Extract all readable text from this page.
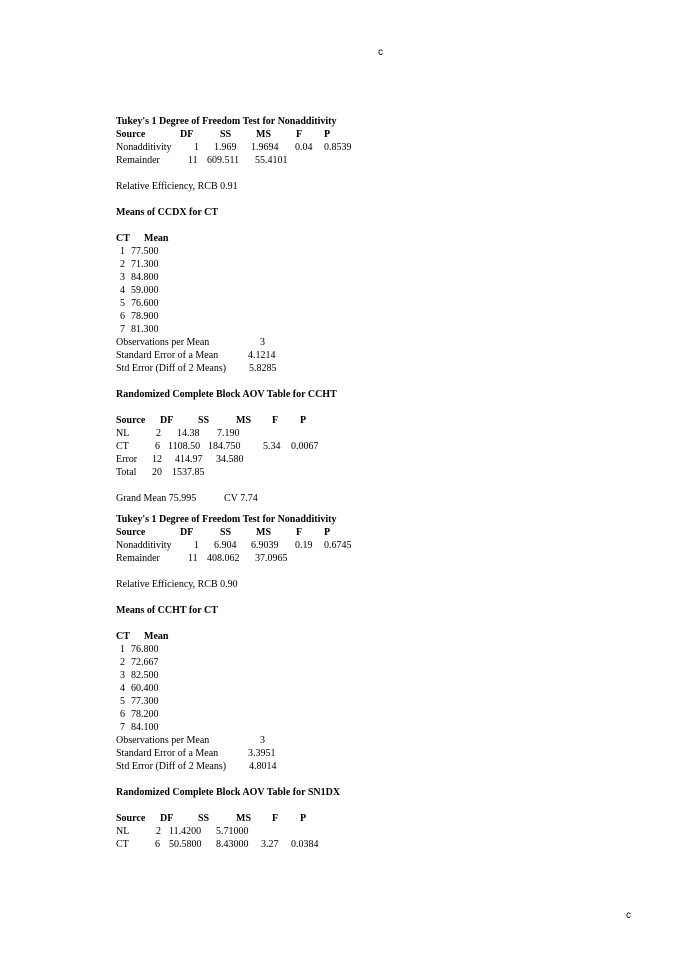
c
Tukey's 1 Degree of Freedom Test for Nonadditivity
Source	DF	SS MS	F P
Nonadditivity 1 1.969 1.9694 0.04 0.8539
Remainder	11 609.511 55.4101
Relative Efficiency, RCB 0.91
Means of CCDX for CT
CT Mean
1 77.500
2 71.300
3 84.800
4 59.000
5 76.600
6 78.900
7 81.300
Observations per Mean	3
Standard Error of a Mean	4.1214
Std Error (Diff of 2 Means) 5.8285
Randomized Complete Block AOV Table for CCHT
Source DF SS	MS F P
NL	2 14.38 7.190
CT	6 1108.50 184.750 5.34 0.0067
Error 12 414.97 34.580
Total 20 1537.85
Grand Mean 75.995	CV 7.74
Tukey's 1 Degree of Freedom Test for Nonadditivity
Source	DF	SS MS	F P
Nonadditivity 1 6.904 6.9039 0.19 0.6745
Remainder	11 408.062 37.0965
Relative Efficiency, RCB 0.90
Means of CCHT for CT
CT Mean
1 76.800
2 72.667
3 82.500
4 60.400
5 77.300
6 78.200
7 84.100
Observations per Mean	3
Standard Error of a Mean	3.3951
Std Error (Diff of 2 Means) 4.8014
Randomized Complete Block AOV Table for SN1DX
Source DF SS	MS F P
NL	2 11.4200 5.71000
CT	6 50.5800 8.43000 3.27 0.0384
c
